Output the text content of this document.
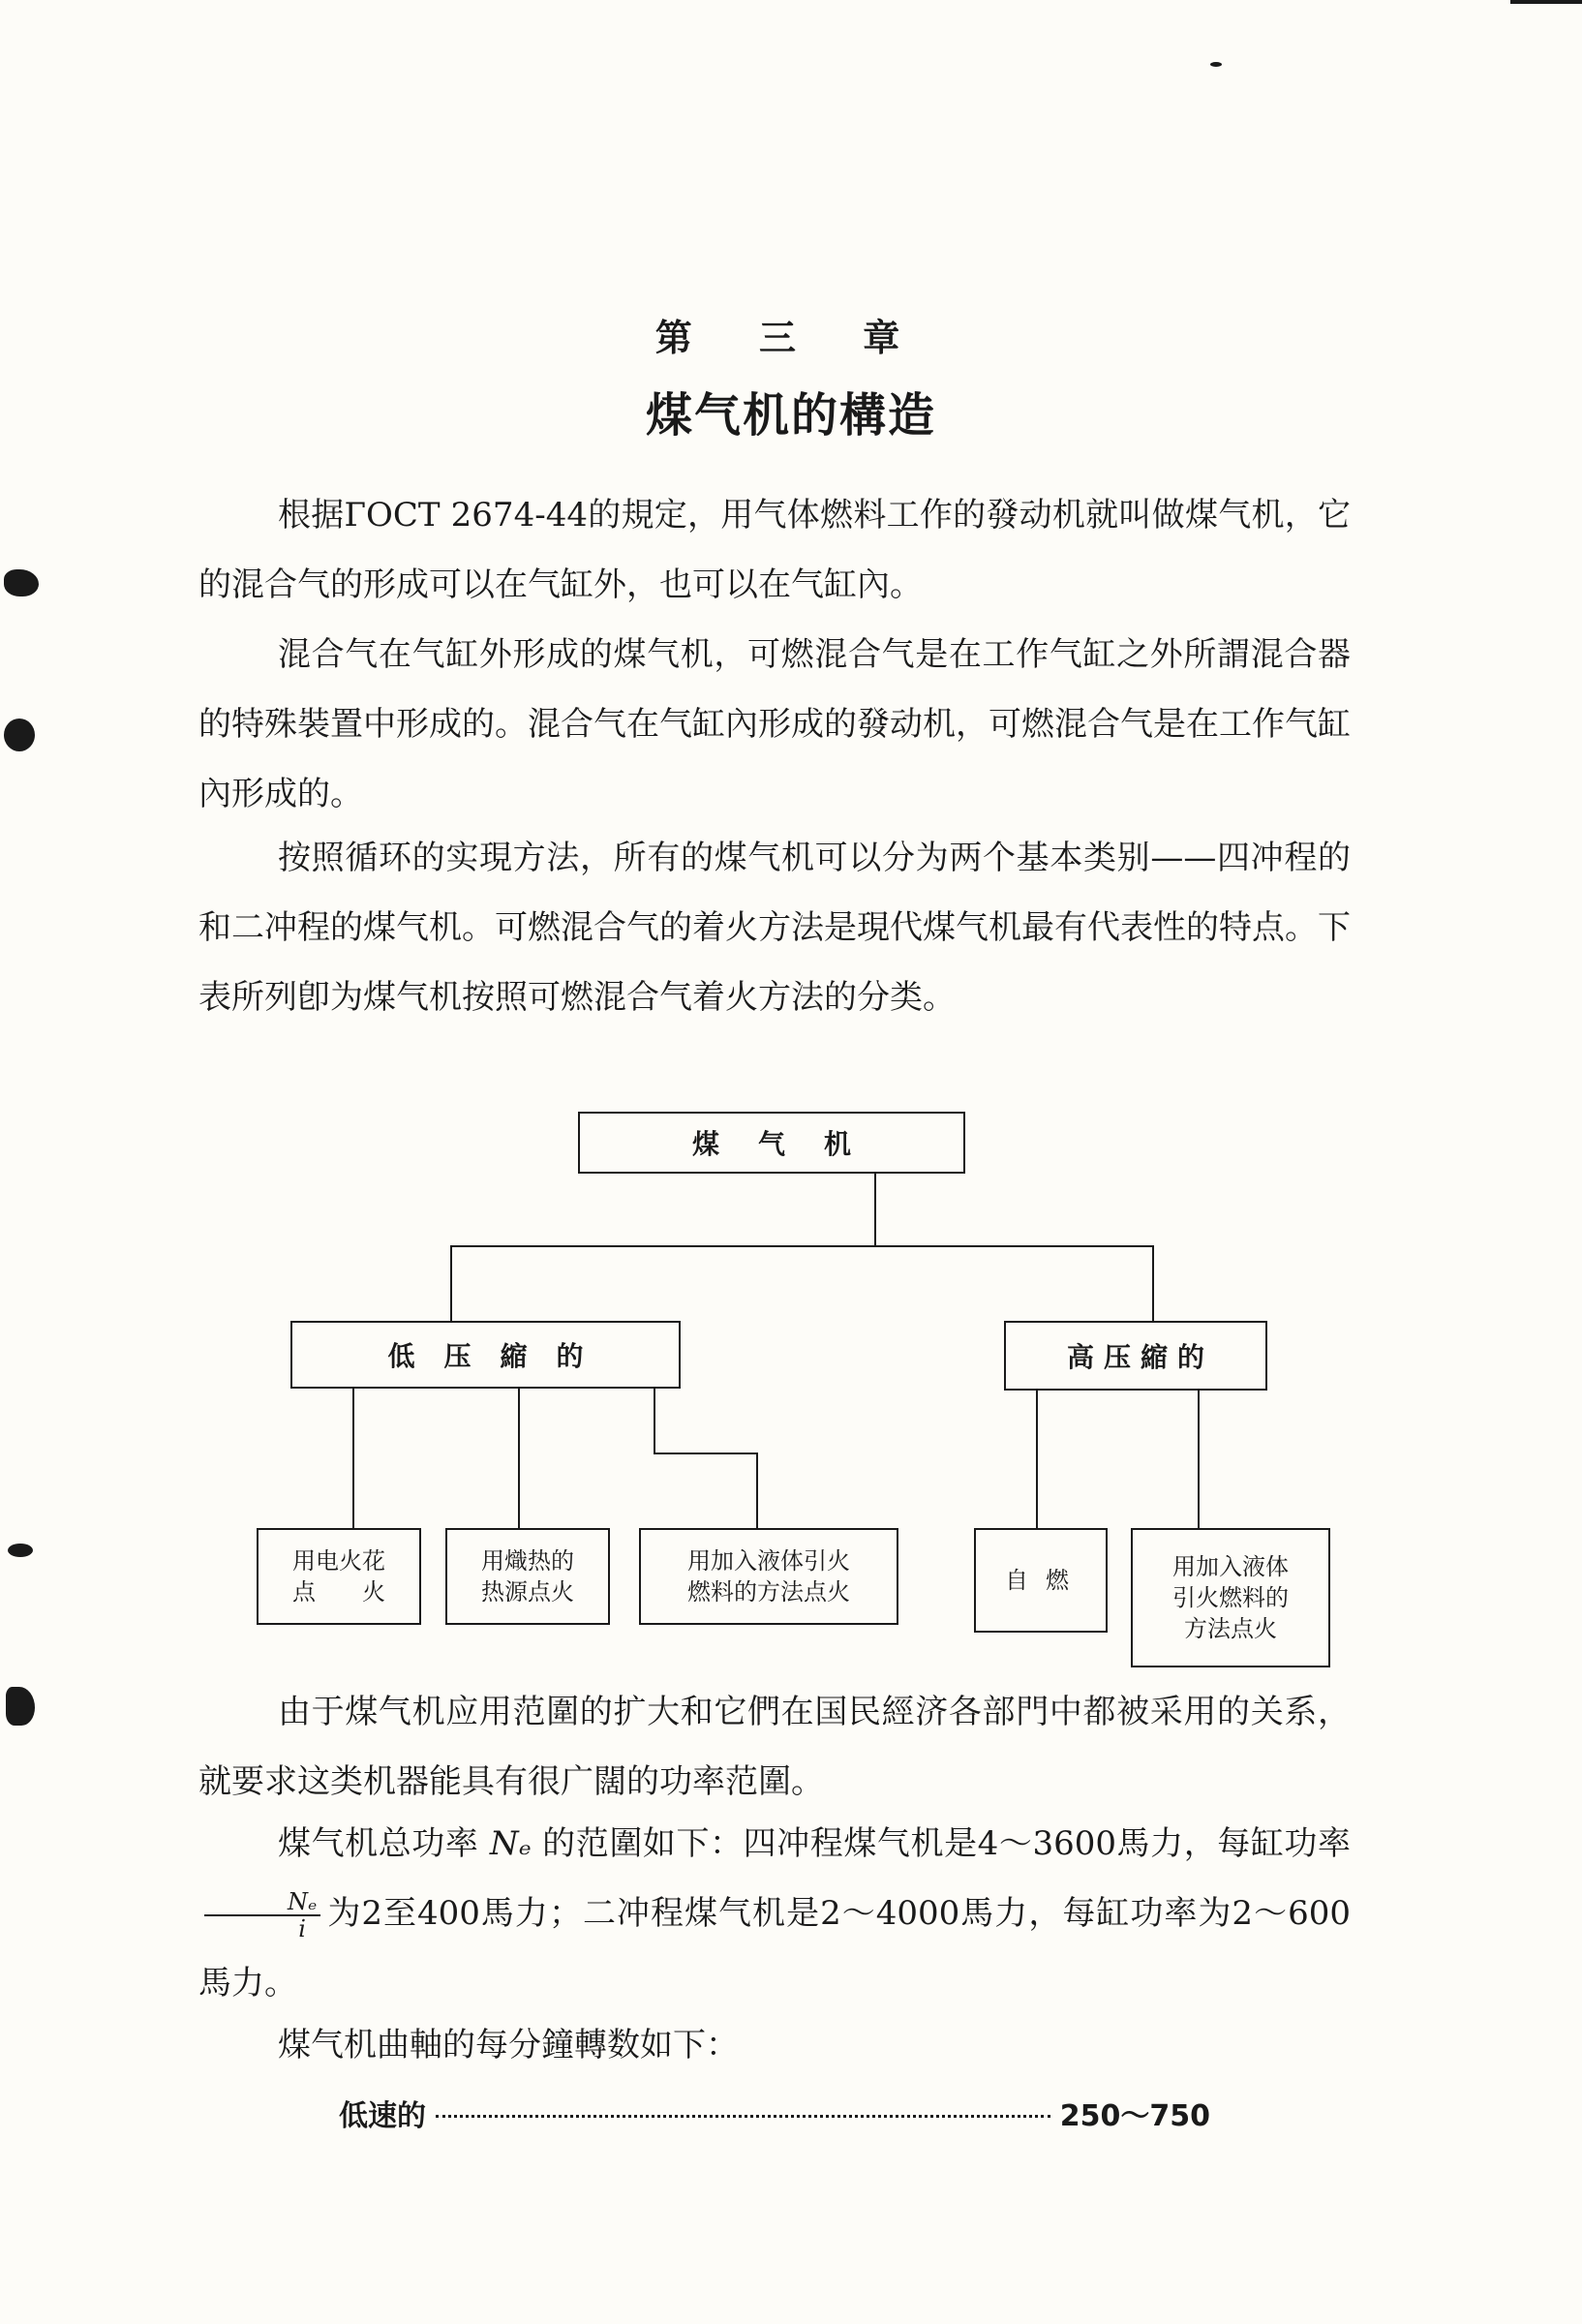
第 三 章
煤气机的構造

根据ГОСТ 2674-44的規定，用气体燃料工作的發动机就叫做煤气机，它的混合气的形成可以在气缸外，也可以在气缸內。

混合气在气缸外形成的煤气机，可燃混合气是在工作气缸之外所謂混合器的特殊裝置中形成的。混合气在气缸內形成的發动机，可燃混合气是在工作气缸內形成的。

按照循环的实現方法，所有的煤气机可以分为两个基本类别——四冲程的和二冲程的煤气机。可燃混合气的着火方法是現代煤气机最有代表性的特点。下表所列卽为煤气机按照可燃混合气着火方法的分类。

煤气机
低压縮的	高压縮的
用电火花
点　　火
用熾热的
热源点火
用加入液体引火
燃料的方法点火	自燃	用加入液体
引火燃料的
方法点火

由于煤气机应用范圍的扩大和它們在国民經济各部門中都被采用的关系，就要求这类机器能具有很广闊的功率范圍。

煤气机总功率 Nₑ 的范圍如下：四冲程煤气机是4～3600馬力，每缸功率
$\frac{\text{Nₑ}}{i}$ 为2至400馬力；二冲程煤气机是2～4000馬力，每缸功率为2～600馬力。

煤气机曲軸的每分鐘轉数如下：

低速的	250～750
